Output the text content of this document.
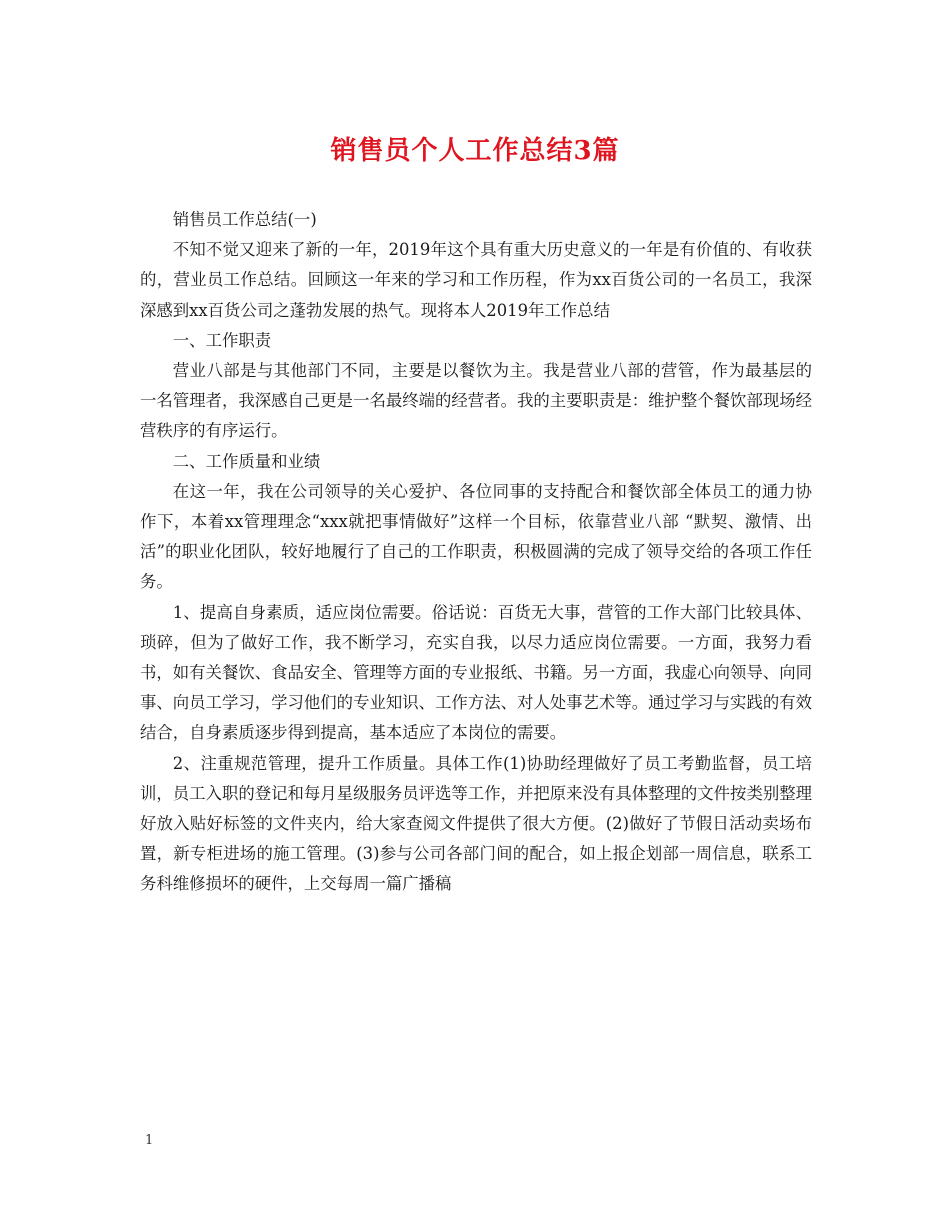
销售员个人工作总结3篇

销售员工作总结(一)

不知不觉又迎来了新的一年，2019年这个具有重大历史意义的一年是有价值的、有收获的，营业员工作总结。回顾这一年来的学习和工作历程，作为xx百货公司的一名员工，我深深感到xx百货公司之蓬勃发展的热气。现将本人2019年工作总结

一、工作职责

营业八部是与其他部门不同，主要是以餐饮为主。我是营业八部的营管，作为最基层的一名管理者，我深感自己更是一名最终端的经营者。我的主要职责是：维护整个餐饮部现场经营秩序的有序运行。

二、工作质量和业绩

在这一年，我在公司领导的关心爱护、各位同事的支持配合和餐饮部全体员工的通力协作下，本着xx管理理念“xxx就把事情做好”这样一个目标，依靠营业八部 “默契、激情、出活”的职业化团队，较好地履行了自己的工作职责，积极圆满的完成了领导交给的各项工作任务。

1、提高自身素质，适应岗位需要。俗话说：百货无大事，营管的工作大部门比较具体、琐碎，但为了做好工作，我不断学习，充实自我，以尽力适应岗位需要。一方面，我努力看书，如有关餐饮、食品安全、管理等方面的专业报纸、书籍。另一方面，我虚心向领导、向同事、向员工学习，学习他们的专业知识、工作方法、对人处事艺术等。通过学习与实践的有效结合，自身素质逐步得到提高，基本适应了本岗位的需要。

2、注重规范管理，提升工作质量。具体工作(1)协助经理做好了员工考勤监督，员工培训，员工入职的登记和每月星级服务员评选等工作，并把原来没有具体整理的文件按类别整理好放入贴好标签的文件夹内，给大家查阅文件提供了很大方便。(2)做好了节假日活动卖场布置，新专柜进场的施工管理。(3)参与公司各部门间的配合，如上报企划部一周信息，联系工务科维修损坏的硬件，上交每周一篇广播稿

1
